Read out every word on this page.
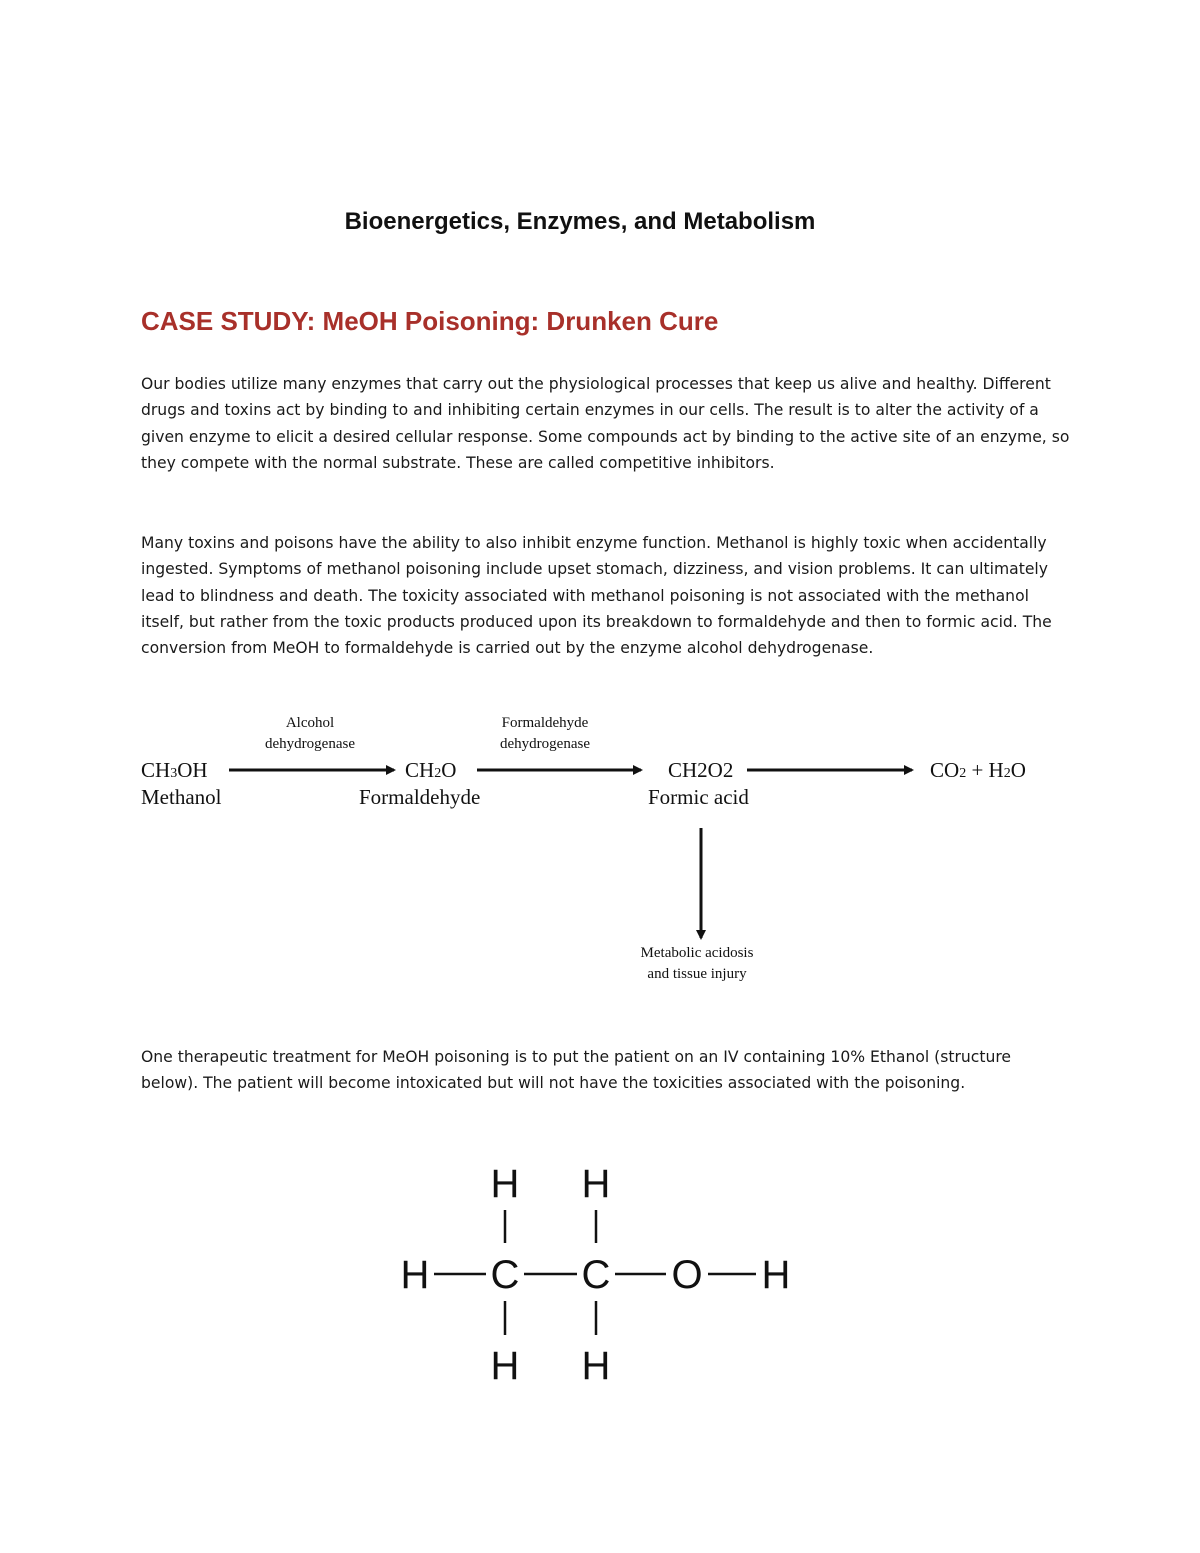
Bioenergetics, Enzymes, and Metabolism
CASE STUDY: MeOH Poisoning: Drunken Cure

Our bodies utilize many enzymes that carry out the physiological processes that keep us alive and healthy. Different drugs and toxins act by binding to and inhibiting certain enzymes in our cells. The result is to alter the activity of a given enzyme to elicit a desired cellular response. Some compounds act by binding to the active site of an enzyme, so they compete with the normal substrate. These are called competitive inhibitors.

Many toxins and poisons have the ability to also inhibit enzyme function. Methanol is highly toxic when accidentally ingested. Symptoms of methanol poisoning include upset stomach, dizziness, and vision problems. It can ultimately lead to blindness and death. The toxicity associated with methanol poisoning is not associated with the methanol itself, but rather from the toxic products produced upon its breakdown to formaldehyde and then to formic acid. The conversion from MeOH to formaldehyde is carried out by the enzyme alcohol dehydrogenase.

Alcohol
dehydrogenase
Formaldehyde
dehydrogenase
CH3OH
Methanol
CH2O
Formaldehyde
CH2O2
Formic acid
CO2 + H2O
Metabolic acidosis
and tissue injury

One therapeutic treatment for MeOH poisoning is to put the patient on an IV containing 10% Ethanol (structure below). The patient will become intoxicated but will not have the toxicities associated with the poisoning.

H H
H C C O H
H H
